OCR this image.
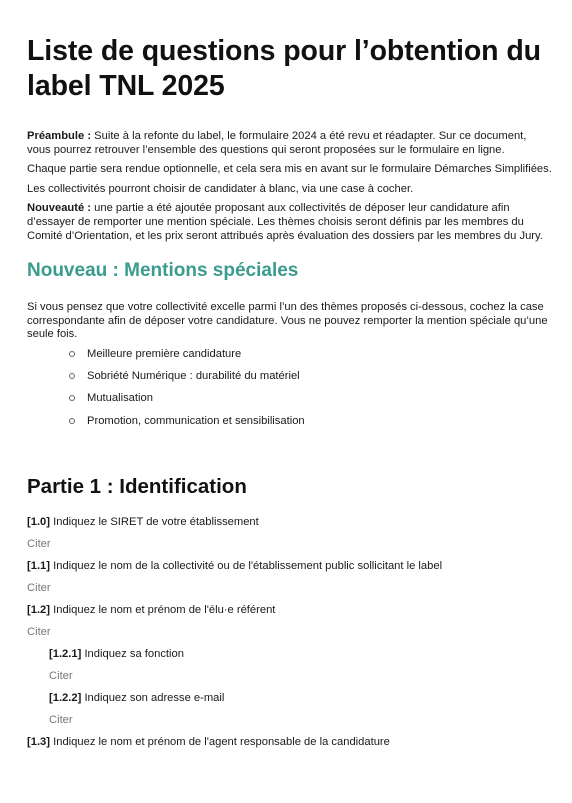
Liste de questions pour l’obtention du label TNL 2025

Préambule : Suite à la refonte du label, le formulaire 2024 a été revu et réadapter. Sur ce document, vous pourrez retrouver l’ensemble des questions qui seront proposées sur le formulaire en ligne.

Chaque partie sera rendue optionnelle, et cela sera mis en avant sur le formulaire Démarches Simplifiées.

Les collectivités pourront choisir de candidater à blanc, via une case à cocher.

Nouveauté : une partie a été ajoutée proposant aux collectivités de déposer leur candidature afin d’essayer de remporter une mention spéciale. Les thèmes choisis seront définis par les membres du Comité d’Orientation, et les prix seront attribués après évaluation des dossiers par les membres du Jury.

Nouveau : Mentions spéciales

Si vous pensez que votre collectivité excelle parmi l’un des thèmes proposés ci-dessous, cochez la case correspondante afin de déposer votre candidature. Vous ne pouvez remporter la mention spéciale qu’une seule fois.

Meilleure première candidature
Sobriété Numérique : durabilité du matériel
Mutualisation
Promotion, communication et sensibilisation
Partie 1 : Identification
[1.0] Indiquez le SIRET de votre établissement
Citer
[1.1] Indiquez le nom de la collectivité ou de l'établissement public sollicitant le label
Citer
[1.2] Indiquez le nom et prénom de l'élu·e référent
Citer
[1.2.1] Indiquez sa fonction
Citer
[1.2.2] Indiquez son adresse e-mail
Citer
[1.3] Indiquez le nom et prénom de l'agent responsable de la candidature
